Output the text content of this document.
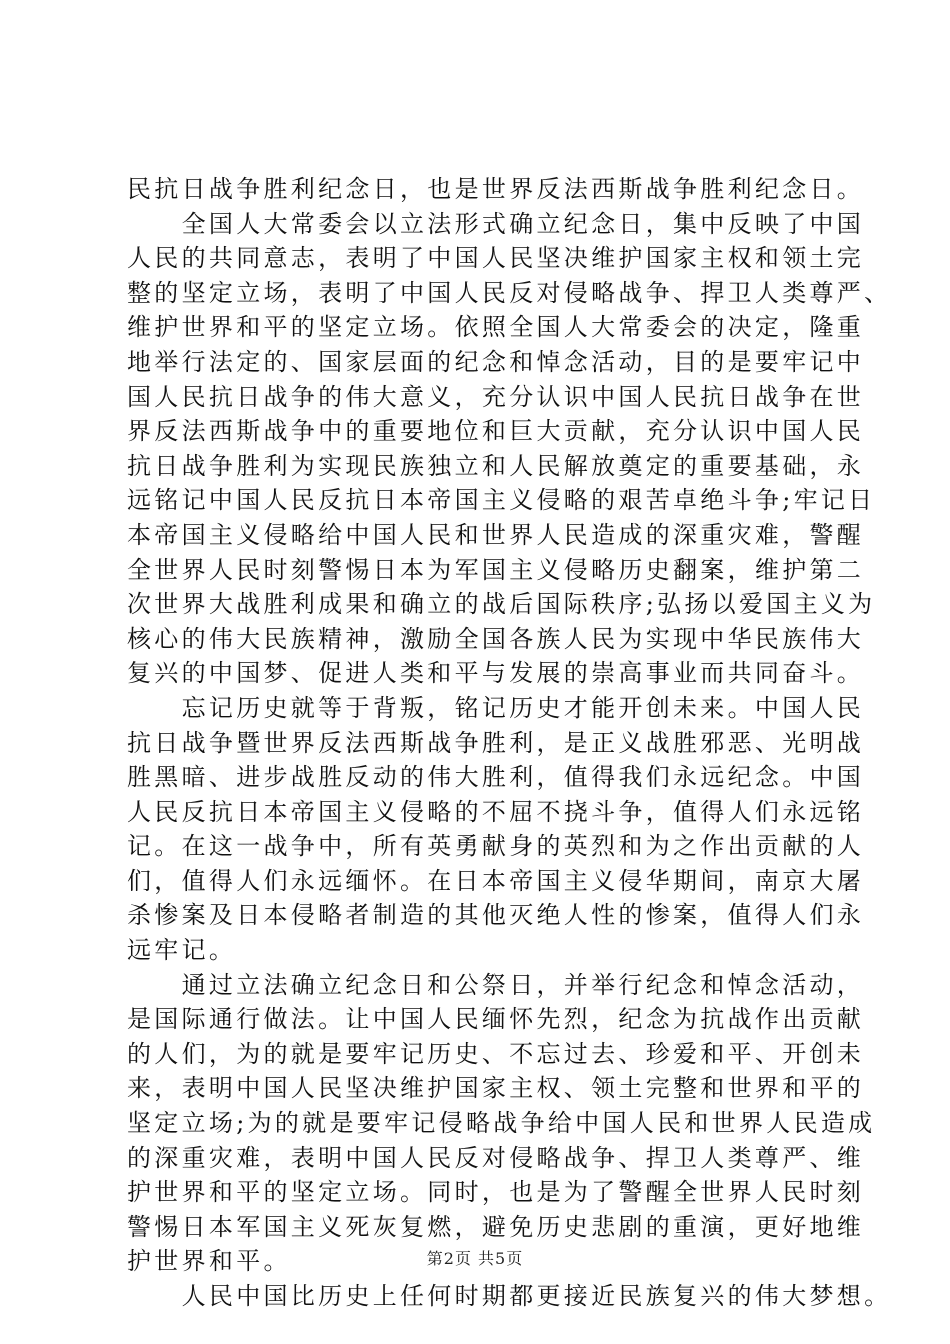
民抗日战争胜利纪念日，也是世界反法西斯战争胜利纪念日。
　　全国人大常委会以立法形式确立纪念日，集中反映了中国
人民的共同意志，表明了中国人民坚决维护国家主权和领土完
整的坚定立场，表明了中国人民反对侵略战争、捍卫人类尊严、
维护世界和平的坚定立场。依照全国人大常委会的决定，隆重
地举行法定的、国家层面的纪念和悼念活动，目的是要牢记中
国人民抗日战争的伟大意义，充分认识中国人民抗日战争在世
界反法西斯战争中的重要地位和巨大贡献，充分认识中国人民
抗日战争胜利为实现民族独立和人民解放奠定的重要基础，永
远铭记中国人民反抗日本帝国主义侵略的艰苦卓绝斗争;牢记日
本帝国主义侵略给中国人民和世界人民造成的深重灾难，警醒
全世界人民时刻警惕日本为军国主义侵略历史翻案，维护第二
次世界大战胜利成果和确立的战后国际秩序;弘扬以爱国主义为
核心的伟大民族精神，激励全国各族人民为实现中华民族伟大
复兴的中国梦、促进人类和平与发展的崇高事业而共同奋斗。
　　忘记历史就等于背叛，铭记历史才能开创未来。中国人民
抗日战争暨世界反法西斯战争胜利，是正义战胜邪恶、光明战
胜黑暗、进步战胜反动的伟大胜利，值得我们永远纪念。中国
人民反抗日本帝国主义侵略的不屈不挠斗争，值得人们永远铭
记。在这一战争中，所有英勇献身的英烈和为之作出贡献的人
们，值得人们永远缅怀。在日本帝国主义侵华期间，南京大屠
杀惨案及日本侵略者制造的其他灭绝人性的惨案，值得人们永
远牢记。
　　通过立法确立纪念日和公祭日，并举行纪念和悼念活动，
是国际通行做法。让中国人民缅怀先烈，纪念为抗战作出贡献
的人们，为的就是要牢记历史、不忘过去、珍爱和平、开创未
来，表明中国人民坚决维护国家主权、领土完整和世界和平的
坚定立场;为的就是要牢记侵略战争给中国人民和世界人民造成
的深重灾难，表明中国人民反对侵略战争、捍卫人类尊严、维
护世界和平的坚定立场。同时，也是为了警醒全世界人民时刻
警惕日本军国主义死灰复燃，避免历史悲剧的重演，更好地维
护世界和平。
　　人民中国比历史上任何时期都更接近民族复兴的伟大梦想。
第2页 共5页
